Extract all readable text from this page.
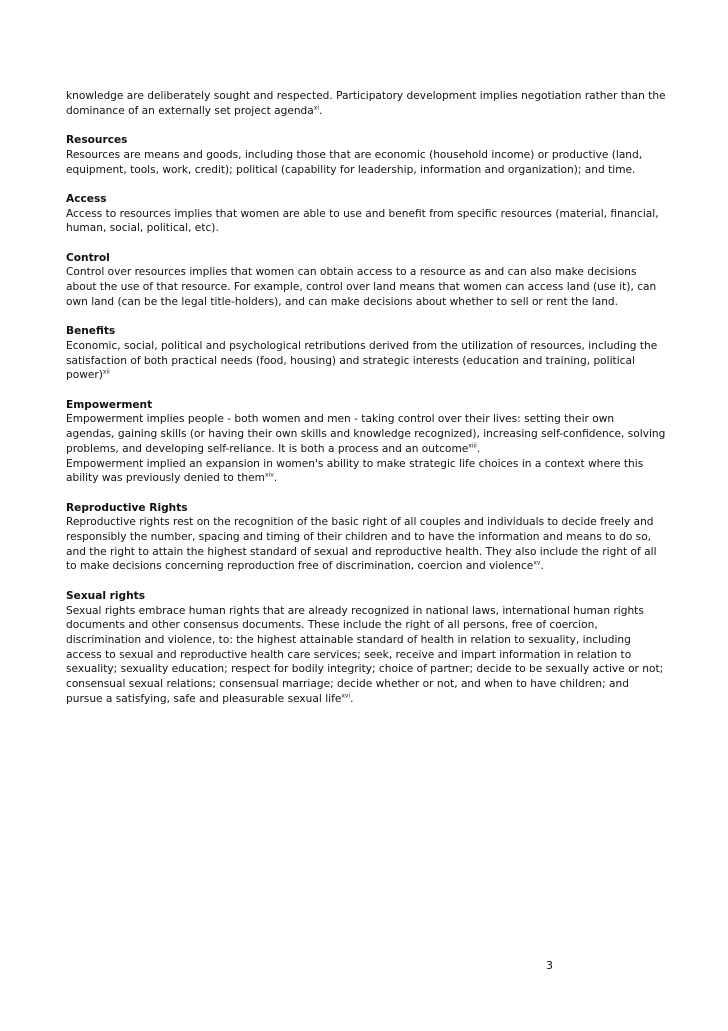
knowledge are deliberately sought and respected. Participatory development implies negotiation rather than the dominance of an externally set project agenda$^{xi}$.

Resources

Resources are means and goods, including those that are economic (household income) or productive (land, equipment, tools, work, credit); political (capability for leadership, information and organization); and time.

Access

Access to resources implies that women are able to use and benefit from specific resources (material, financial, human, social, political, etc).

Control

Control over resources implies that women can obtain access to a resource as and can also make decisions about the use of that resource. For example, control over land means that women can access land (use it), can own land (can be the legal title-holders), and can make decisions about whether to sell or rent the land.

Benefits

Economic, social, political and psychological retributions derived from the utilization of resources, including the satisfaction of both practical needs (food, housing) and strategic interests (education and training, political power)$^{xii}$

Empowerment

Empowerment implies people - both women and men - taking control over their lives: setting their own agendas, gaining skills (or having their own skills and knowledge recognized), increasing self-confidence, solving problems, and developing self-reliance. It is both a process and an outcome$^{xiii}$.

Empowerment implied an expansion in women's ability to make strategic life choices in a context where this ability was previously denied to them$^{xiv}$.

Reproductive Rights

Reproductive rights rest on the recognition of the basic right of all couples and individuals to decide freely and responsibly the number, spacing and timing of their children and to have the information and means to do so, and the right to attain the highest standard of sexual and reproductive health. They also include the right of all to make decisions concerning reproduction free of discrimination, coercion and violence$^{xv}$.

Sexual rights

Sexual rights embrace human rights that are already recognized in national laws, international human rights documents and other consensus documents. These include the right of all persons, free of coercion, discrimination and violence, to: the highest attainable standard of health in relation to sexuality, including access to sexual and reproductive health care services; seek, receive and impart information in relation to sexuality; sexuality education; respect for bodily integrity; choice of partner; decide to be sexually active or not; consensual sexual relations; consensual marriage; decide whether or not, and when to have children; and pursue a satisfying, safe and pleasurable sexual life$^{xvi}$.

3
